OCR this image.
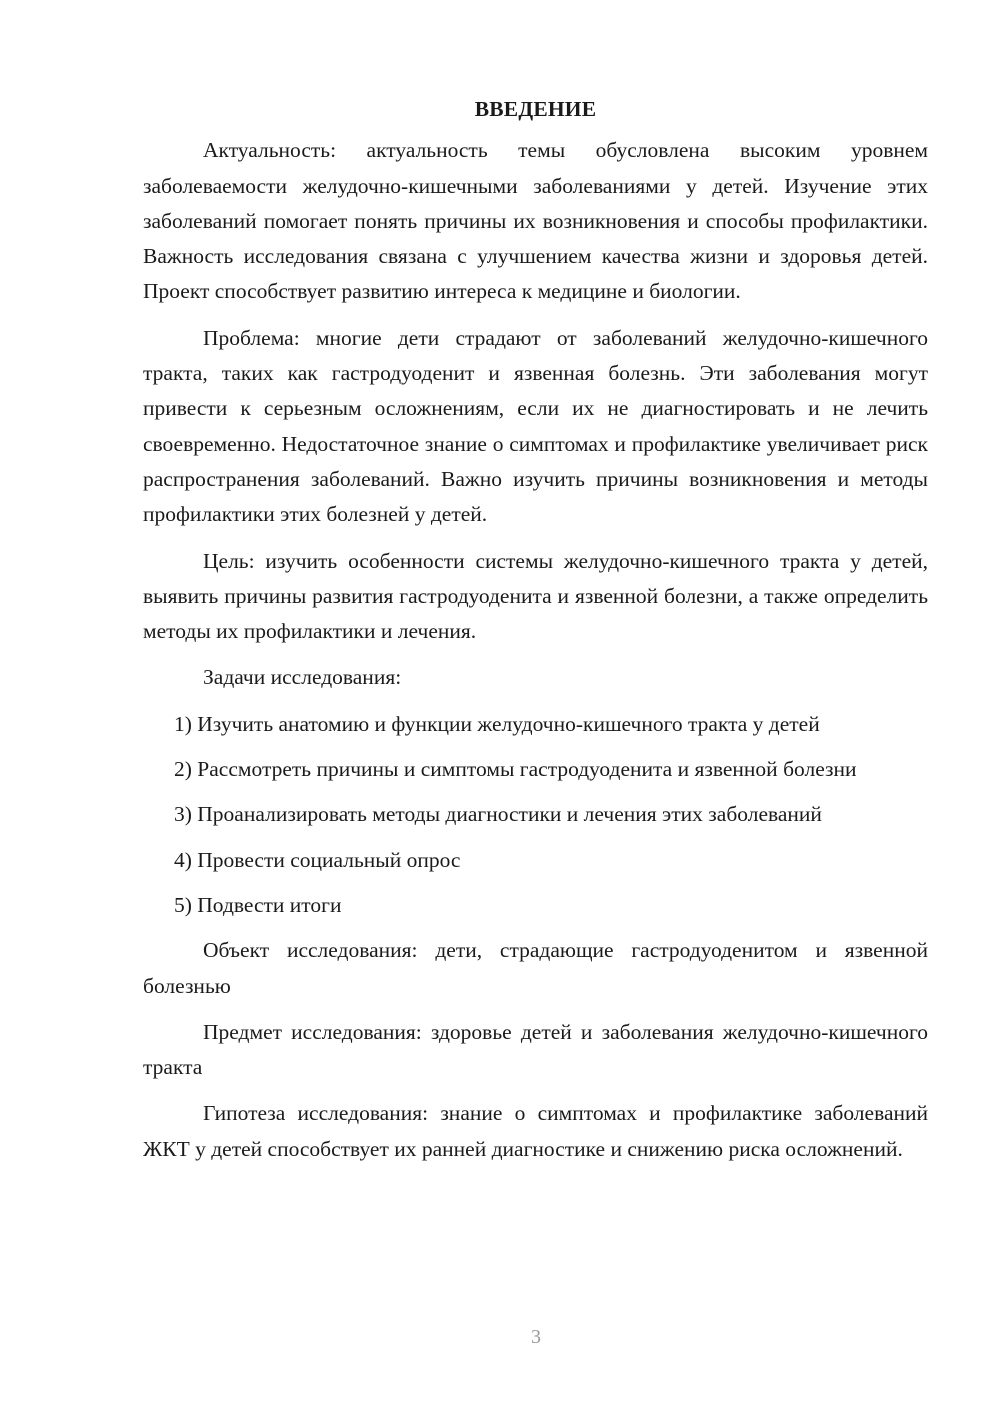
ВВЕДЕНИЕ

Актуальность: актуальность темы обусловлена высоким уровнем заболеваемости желудочно-кишечными заболеваниями у детей. Изучение этих заболеваний помогает понять причины их возникновения и способы профилактики. Важность исследования связана с улучшением качества жизни и здоровья детей. Проект способствует развитию интереса к медицине и биологии.

Проблема: многие дети страдают от заболеваний желудочно-кишечного тракта, таких как гастродуоденит и язвенная болезнь. Эти заболевания могут привести к серьезным осложнениям, если их не диагностировать и не лечить своевременно. Недостаточное знание о симптомах и профилактике увеличивает риск распространения заболеваний. Важно изучить причины возникновения и методы профилактики этих болезней у детей.

Цель: изучить особенности системы желудочно-кишечного тракта у детей, выявить причины развития гастродуоденита и язвенной болезни, а также определить методы их профилактики и лечения.

Задачи исследования:

1) Изучить анатомию и функции желудочно-кишечного тракта у детей

2) Рассмотреть причины и симптомы гастродуоденита и язвенной болезни

3) Проанализировать методы диагностики и лечения этих заболеваний

4) Провести социальный опрос

5) Подвести итоги

Объект исследования: дети, страдающие гастродуоденитом и язвенной болезнью

Предмет исследования: здоровье детей и заболевания желудочно-кишечного тракта

Гипотеза исследования: знание о симптомах и профилактике заболеваний ЖКТ у детей способствует их ранней диагностике и снижению риска осложнений.

3
